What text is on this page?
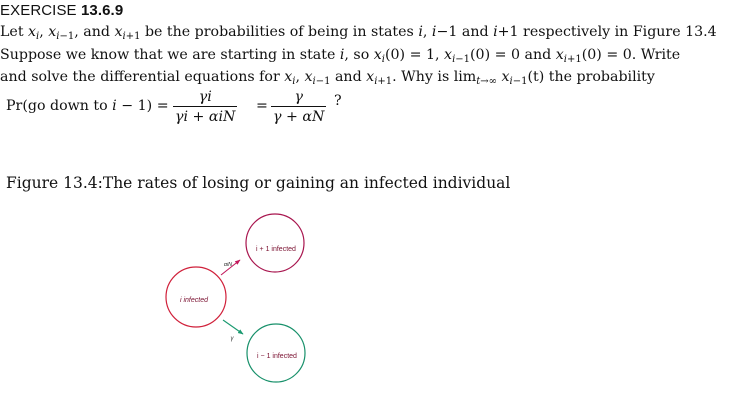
EXERCISE 13.6.9
Let $x_i$, $x_{i-1}$, and $x_{i+1}$ be the probabilities of being in states i, i−1 and i+1 respectively in Figure 13.4
Suppose we know that we are starting in state i, so $x_i(0) = 1$, $x_{i-1}(0) = 0$ and $x_{i+1}(0) = 0$. Write
and solve the differential equations for $x_i$, $x_{i-1}$ and $x_{i+1}$. Why is $\lim_{t\to\infty} x_{i-1}(t)$ the probability
Pr(go down to i − 1) =
γi
γi + αiN
=
γ
γ + αN
?
Figure 13.4:The rates of losing or gaining an infected individual
i + 1 infected
i infected
i − 1 infected
αiN
γ
